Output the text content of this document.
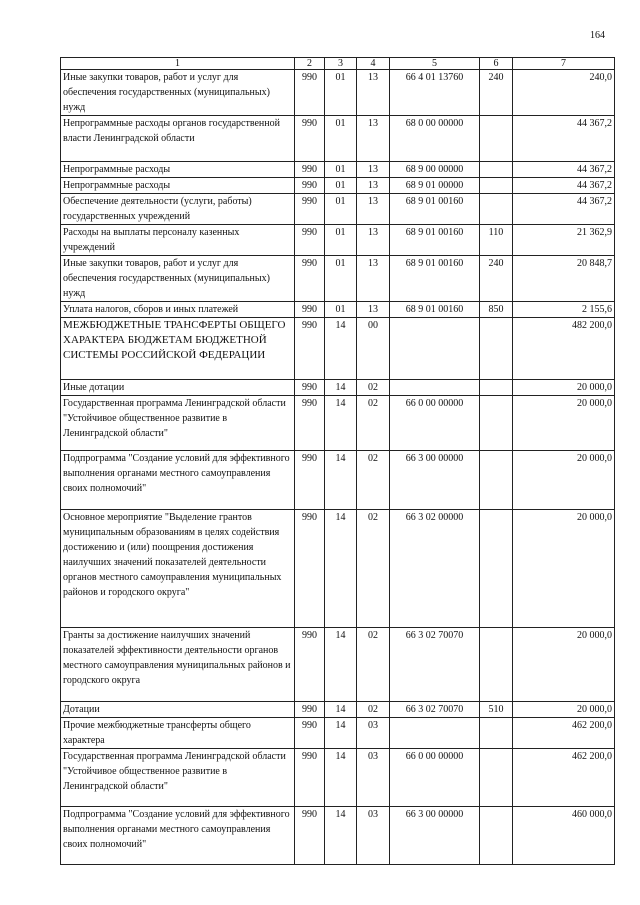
164
1	2	3	4	5	6	7
Иные закупки товаров, работ и услуг для обеспечения государственных (муниципальных) нужд	990	01	13	66 4 01 13760	240	240,0
Непрограммные расходы органов государственной власти Ленинградской области	990	01	13	68 0 00 00000		44 367,2
Непрограммные расходы	990	01	13	68 9 00 00000		44 367,2
Непрограммные расходы	990	01	13	68 9 01 00000		44 367,2
Обеспечение деятельности (услуги, работы) государственных учреждений	990	01	13	68 9 01 00160		44 367,2
Расходы на выплаты персоналу казенных учреждений	990	01	13	68 9 01 00160	110	21 362,9
Иные закупки товаров, работ и услуг для обеспечения государственных (муниципальных) нужд	990	01	13	68 9 01 00160	240	20 848,7
Уплата налогов, сборов и иных платежей	990	01	13	68 9 01 00160	850	2 155,6
МЕЖБЮДЖЕТНЫЕ ТРАНСФЕРТЫ ОБЩЕГО ХАРАКТЕРА БЮДЖЕТАМ БЮДЖЕТНОЙ СИСТЕМЫ РОССИЙСКОЙ ФЕДЕРАЦИИ	990	14	00			482 200,0
Иные дотации	990	14	02			20 000,0
Государственная программа Ленинградской области "Устойчивое общественное развитие в Ленинградской области"	990	14	02	66 0 00 00000		20 000,0
Подпрограмма "Создание условий для эффективного выполнения органами местного самоуправления своих полномочий"	990	14	02	66 3 00 00000		20 000,0
Основное мероприятие "Выделение грантов муниципальным образованиям в целях содействия достижению и (или) поощрения достижения наилучших значений показателей деятельности органов местного самоуправления муниципальных районов и городского округа"	990	14	02	66 3 02 00000		20 000,0
Гранты за достижение наилучших значений показателей эффективности деятельности органов местного самоуправления муниципальных районов и городского округа	990	14	02	66 3 02 70070		20 000,0
Дотации	990	14	02	66 3 02 70070	510	20 000,0
Прочие межбюджетные трансферты общего характера	990	14	03			462 200,0
Государственная программа Ленинградской области "Устойчивое общественное развитие в Ленинградской области"	990	14	03	66 0 00 00000		462 200,0
Подпрограмма "Создание условий для эффективного выполнения органами местного самоуправления своих полномочий"	990	14	03	66 3 00 00000		460 000,0
